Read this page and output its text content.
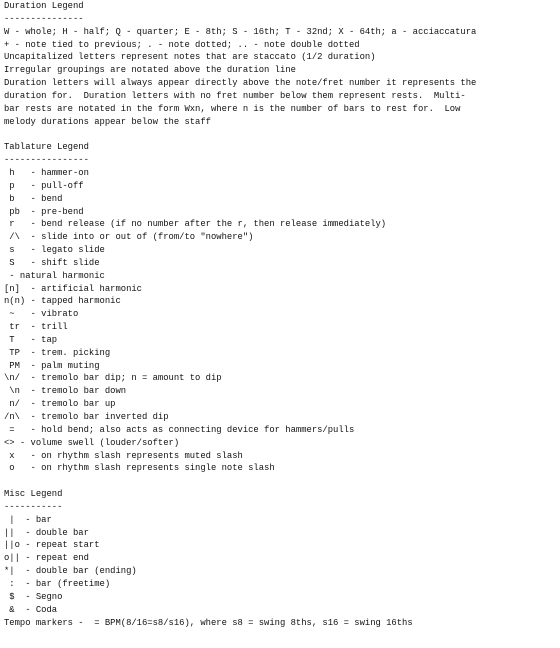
Duration Legend
---------------
W - whole; H - half; Q - quarter; E - 8th; S - 16th; T - 32nd; X - 64th; a - acciaccatura
+ - note tied to previous; . - note dotted; .. - note double dotted
Uncapitalized letters represent notes that are staccato (1/2 duration)
Irregular groupings are notated above the duration line
Duration letters will always appear directly above the note/fret number it represents the
duration for.  Duration letters with no fret number below them represent rests.  Multi-
bar rests are notated in the form Wxn, where n is the number of bars to rest for.  Low
melody durations appear below the staff

Tablature Legend
----------------
h   - hammer-on
p   - pull-off
b   - bend
pb  - pre-bend
r   - bend release (if no number after the r, then release immediately)
/\  - slide into or out of (from/to "nowhere")
s   - legato slide
S   - shift slide
- natural harmonic
[n]  - artificial harmonic
n(n) - tapped harmonic
~   - vibrato
tr  - trill
T   - tap
TP  - trem. picking
PM  - palm muting
\n/  - tremolo bar dip; n = amount to dip
\n  - tremolo bar down
n/  - tremolo bar up
/n\  - tremolo bar inverted dip
=   - hold bend; also acts as connecting device for hammers/pulls
<> - volume swell (louder/softer)
x   - on rhythm slash represents muted slash
o   - on rhythm slash represents single note slash

Misc Legend
-----------
|  - bar
||  - double bar
||o - repeat start
o|| - repeat end
*|  - double bar (ending)
:  - bar (freetime)
$  - Segno
&  - Coda
Tempo markers -  = BPM(8/16=s8/s16), where s8 = swing 8ths, s16 = swing 16ths
